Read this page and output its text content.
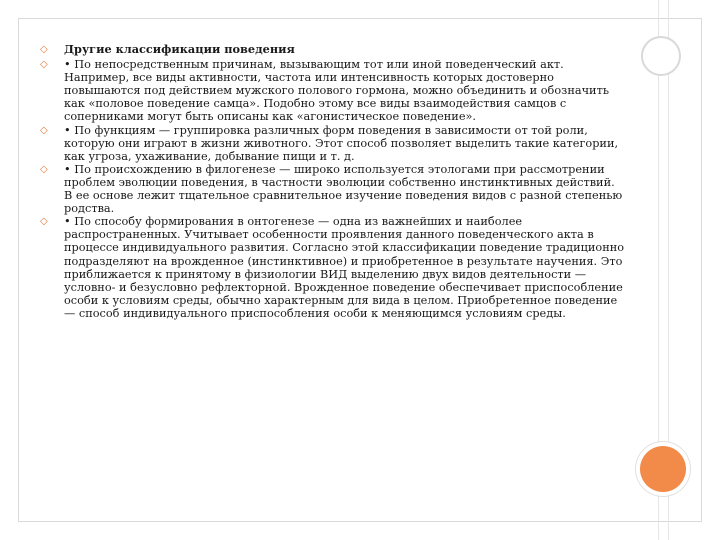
◇ Другие классификации поведения

◇ • По непосредственным причинам, вызывающим тот или иной поведенческий акт. Например, все виды активности, частота или интенсивность которых достоверно повышаются под действием мужского полового гормона, можно объединить и обозначить как «половое поведение самца». Подобно этому все виды взаимодействия самцов с соперниками могут быть описаны как «агонистическое поведение».

◇ • По функциям — группировка различных форм поведения в зависимости от той роли, которую они играют в жизни животного. Этот способ позволяет выделить такие категории, как угроза, ухаживание, добывание пищи и т. д.

◇ • По происхождению в филогенезе — широко используется этологами при рассмотрении проблем эволюции поведения, в частности эволюции собственно инстинктивных действий. В ее основе лежит тщательное сравнительное изучение поведения видов с разной степенью родства.

◇ • По способу формирования в онтогенезе — одна из важнейших и наиболее распространенных. Учитывает особенности проявления данного поведенческого акта в процессе индивидуального развития. Согласно этой классификации поведение традиционно подразделяют на врожденное (инстинктивное) и приобретенное в результате научения. Это приближается к принятому в физиологии ВИД выделению двух видов деятельности — условно- и безусловно рефлекторной. Врожденное поведение обеспечивает приспособление особи к условиям среды, обычно характерным для вида в целом. Приобретенное поведение — способ индивидуального приспособления особи к меняющимся условиям среды.
